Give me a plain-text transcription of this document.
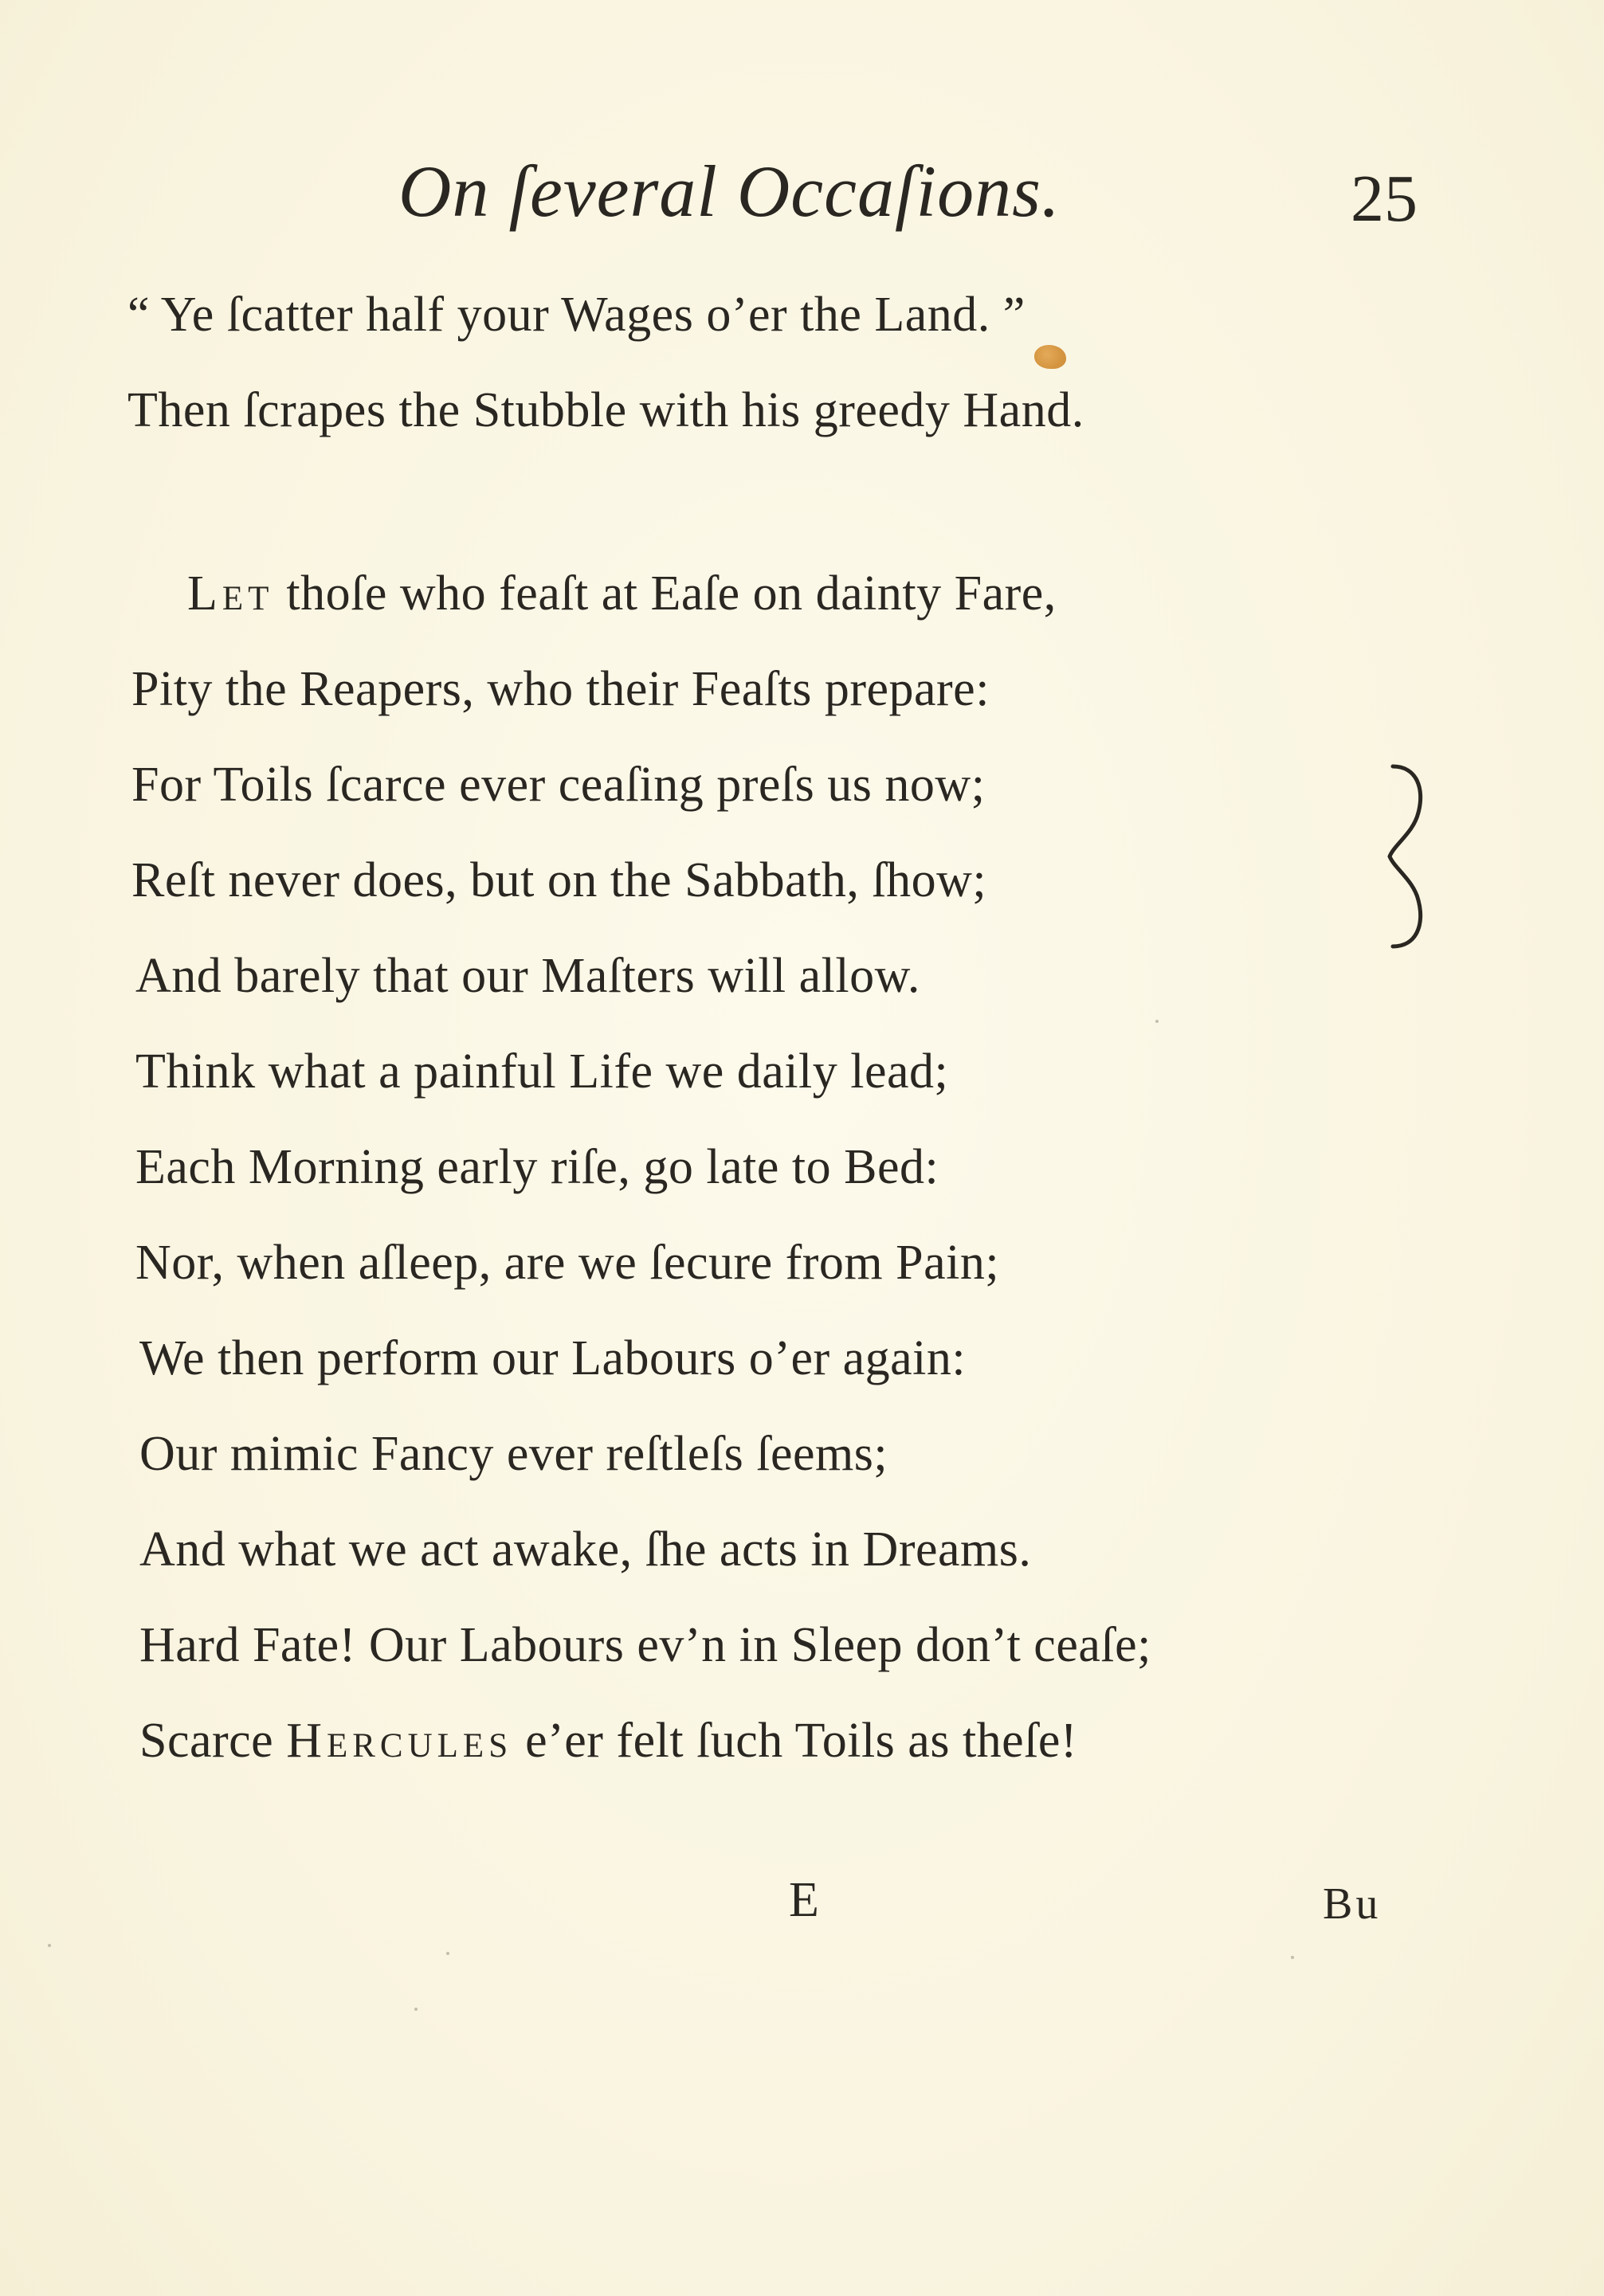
On ſeveral Occaſions.	25
“ Ye ſcatter half your Wages o’er the Land. ”
Then ſcrapes the Stubble with his greedy Hand.
Let thoſe who feaſt at Eaſe on dainty Fare,
Pity the Reapers, who their Feaſts prepare:
For Toils ſcarce ever ceaſing preſs us now;
Reſt never does, but on the Sabbath, ſhow;
And barely that our Maſters will allow.
Think what a painful Life we daily lead;
Each Morning early riſe, go late to Bed:
Nor, when aſleep, are we ſecure from Pain;
We then perform our Labours o’er again:
Our mimic Fancy ever reſtleſs ſeems;
And what we act awake, ſhe acts in Dreams.
Hard Fate! Our Labours ev’n in Sleep don’t ceaſe;
Scarce Hercules e’er felt ſuch Toils as theſe!
E	Bu
